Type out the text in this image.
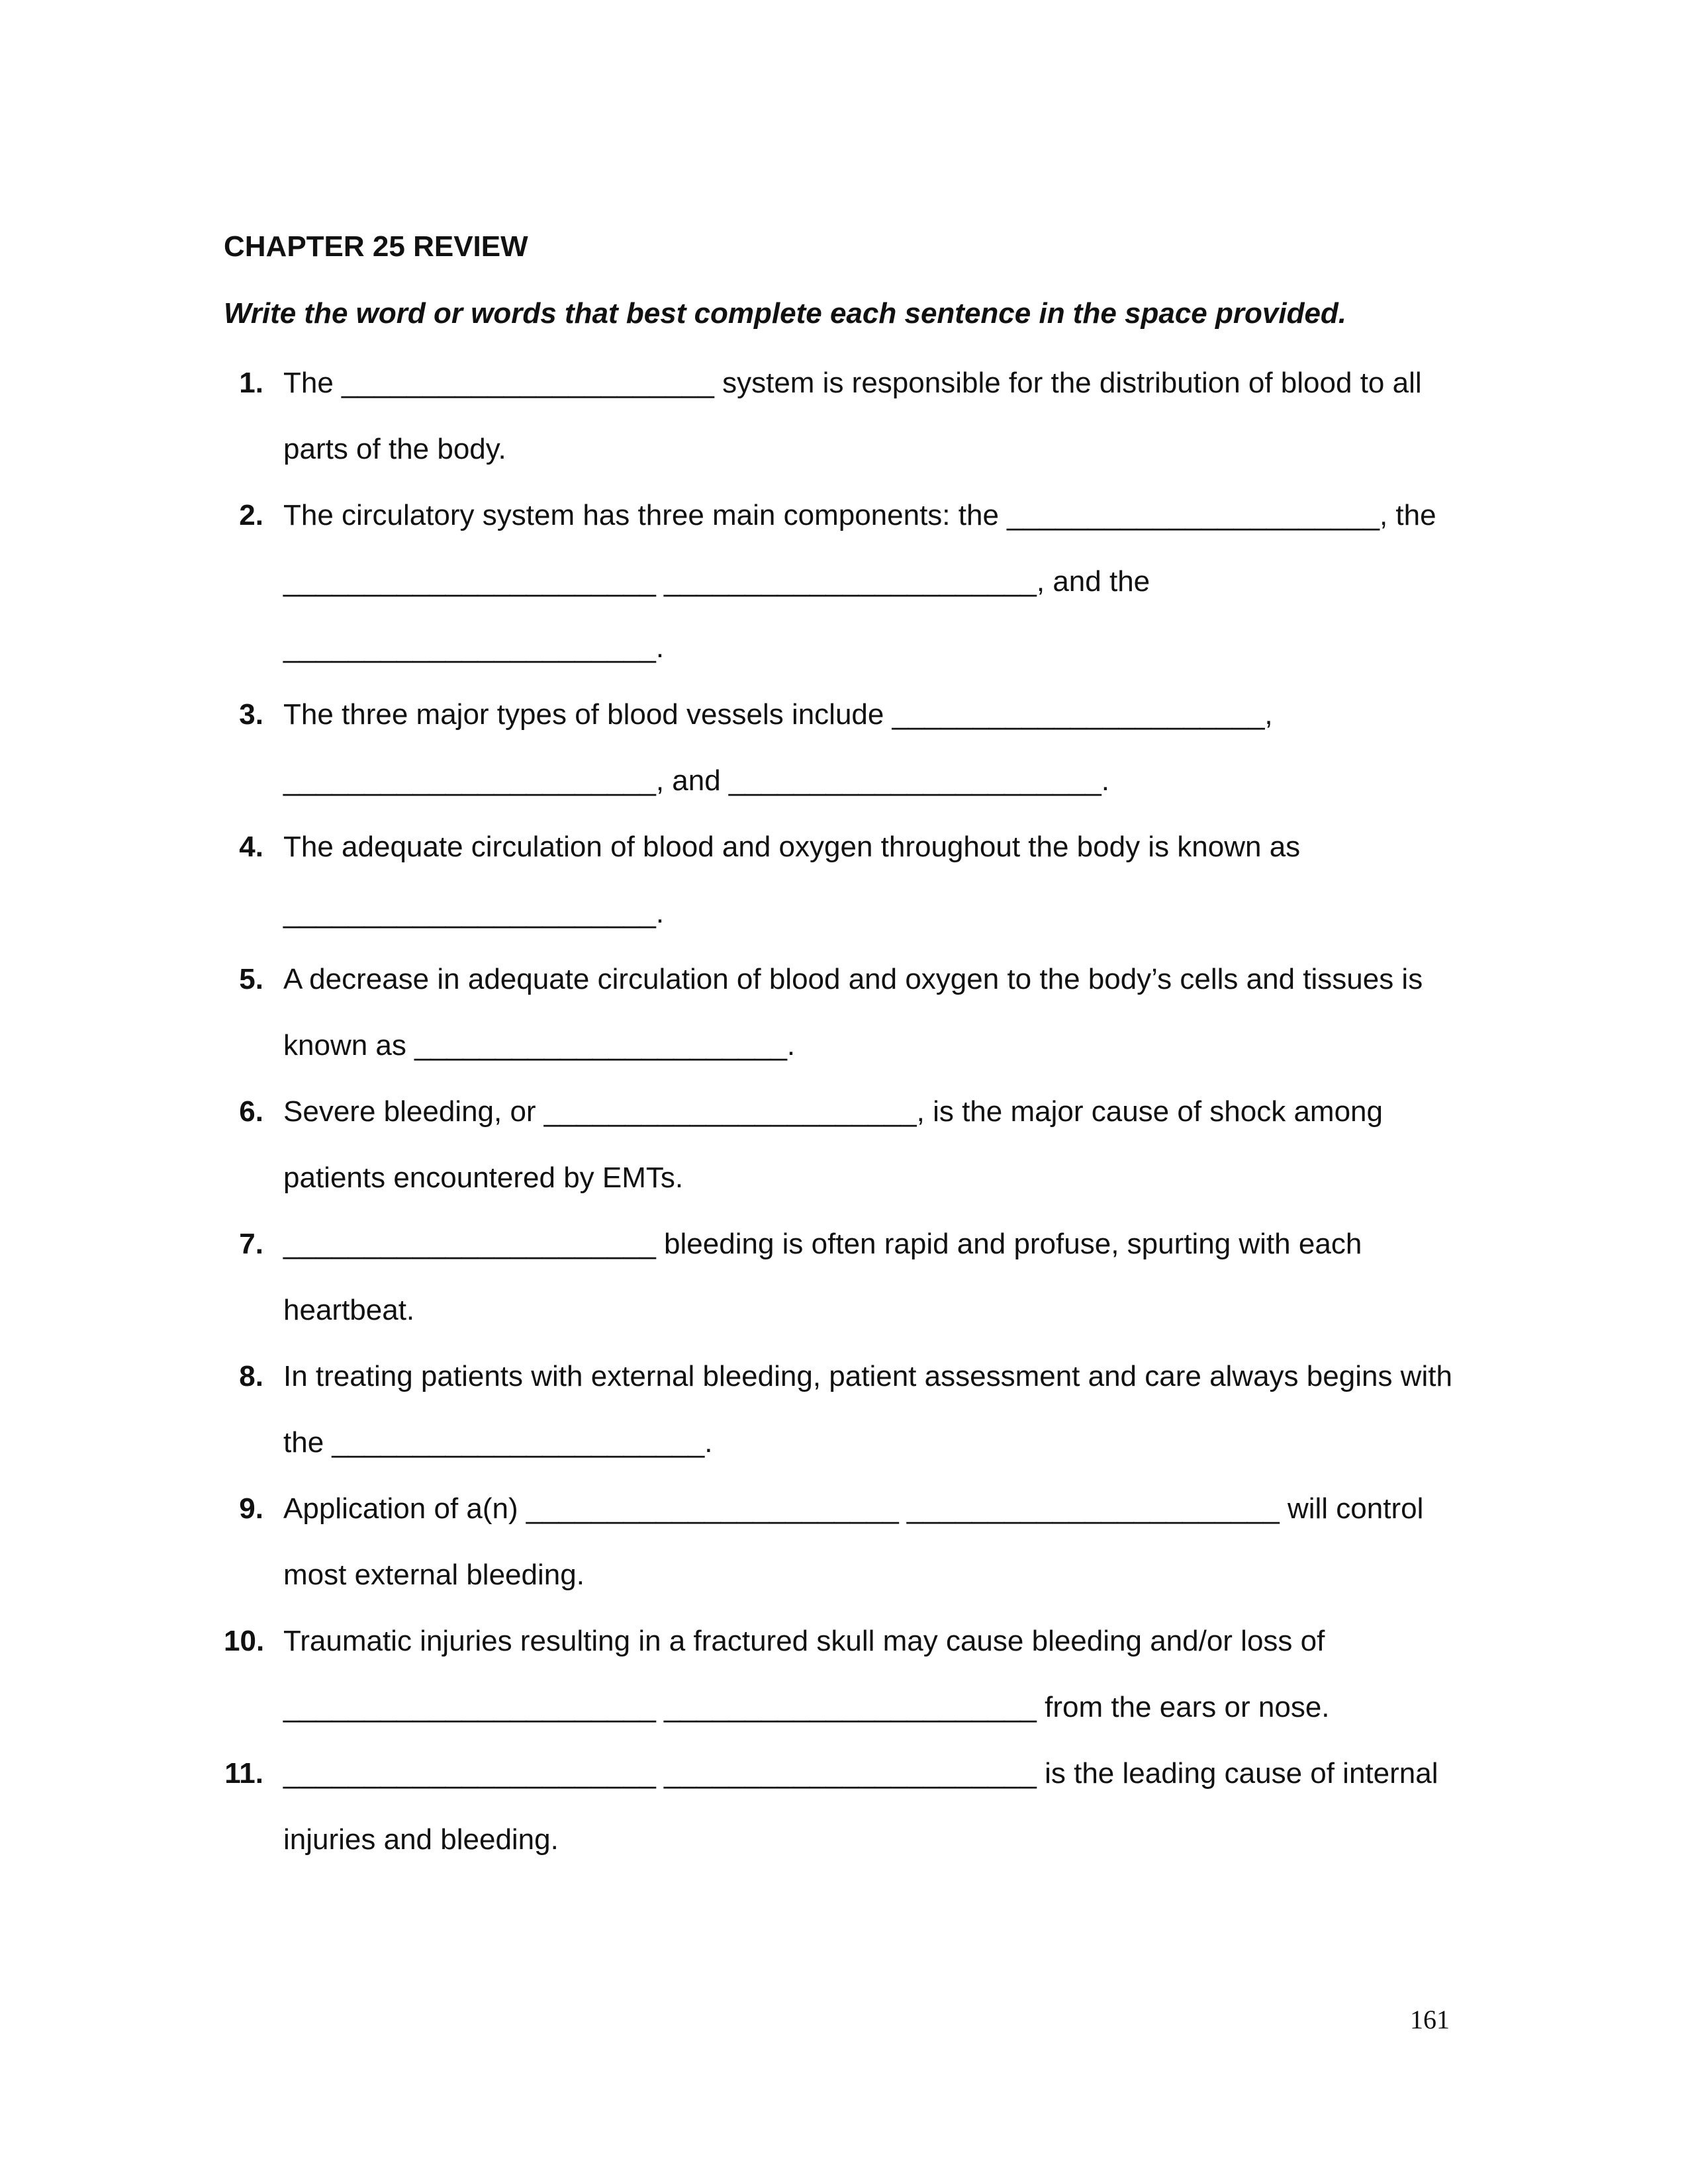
CHAPTER 25 REVIEW
Write the word or words that best complete each sentence in the space provided.
1. The _______________________ system is responsible for the distribution of blood to all
parts of the body.
2. The circulatory system has three main components: the _______________________, the
_______________________ _______________________, and the
_______________________.
3. The three major types of blood vessels include _______________________,
_______________________, and _______________________.
4. The adequate circulation of blood and oxygen throughout the body is known as
_______________________.
5. A decrease in adequate circulation of blood and oxygen to the body’s cells and tissues is
known as _______________________.
6. Severe bleeding, or _______________________, is the major cause of shock among
patients encountered by EMTs.
7. _______________________ bleeding is often rapid and profuse, spurting with each
heartbeat.
8. In treating patients with external bleeding, patient assessment and care always begins with
the _______________________.
9. Application of a(n) _______________________ _______________________ will control
most external bleeding.
10. Traumatic injuries resulting in a fractured skull may cause bleeding and/or loss of
_______________________ _______________________ from the ears or nose.
11. _______________________ _______________________ is the leading cause of internal
injuries and bleeding.
161
